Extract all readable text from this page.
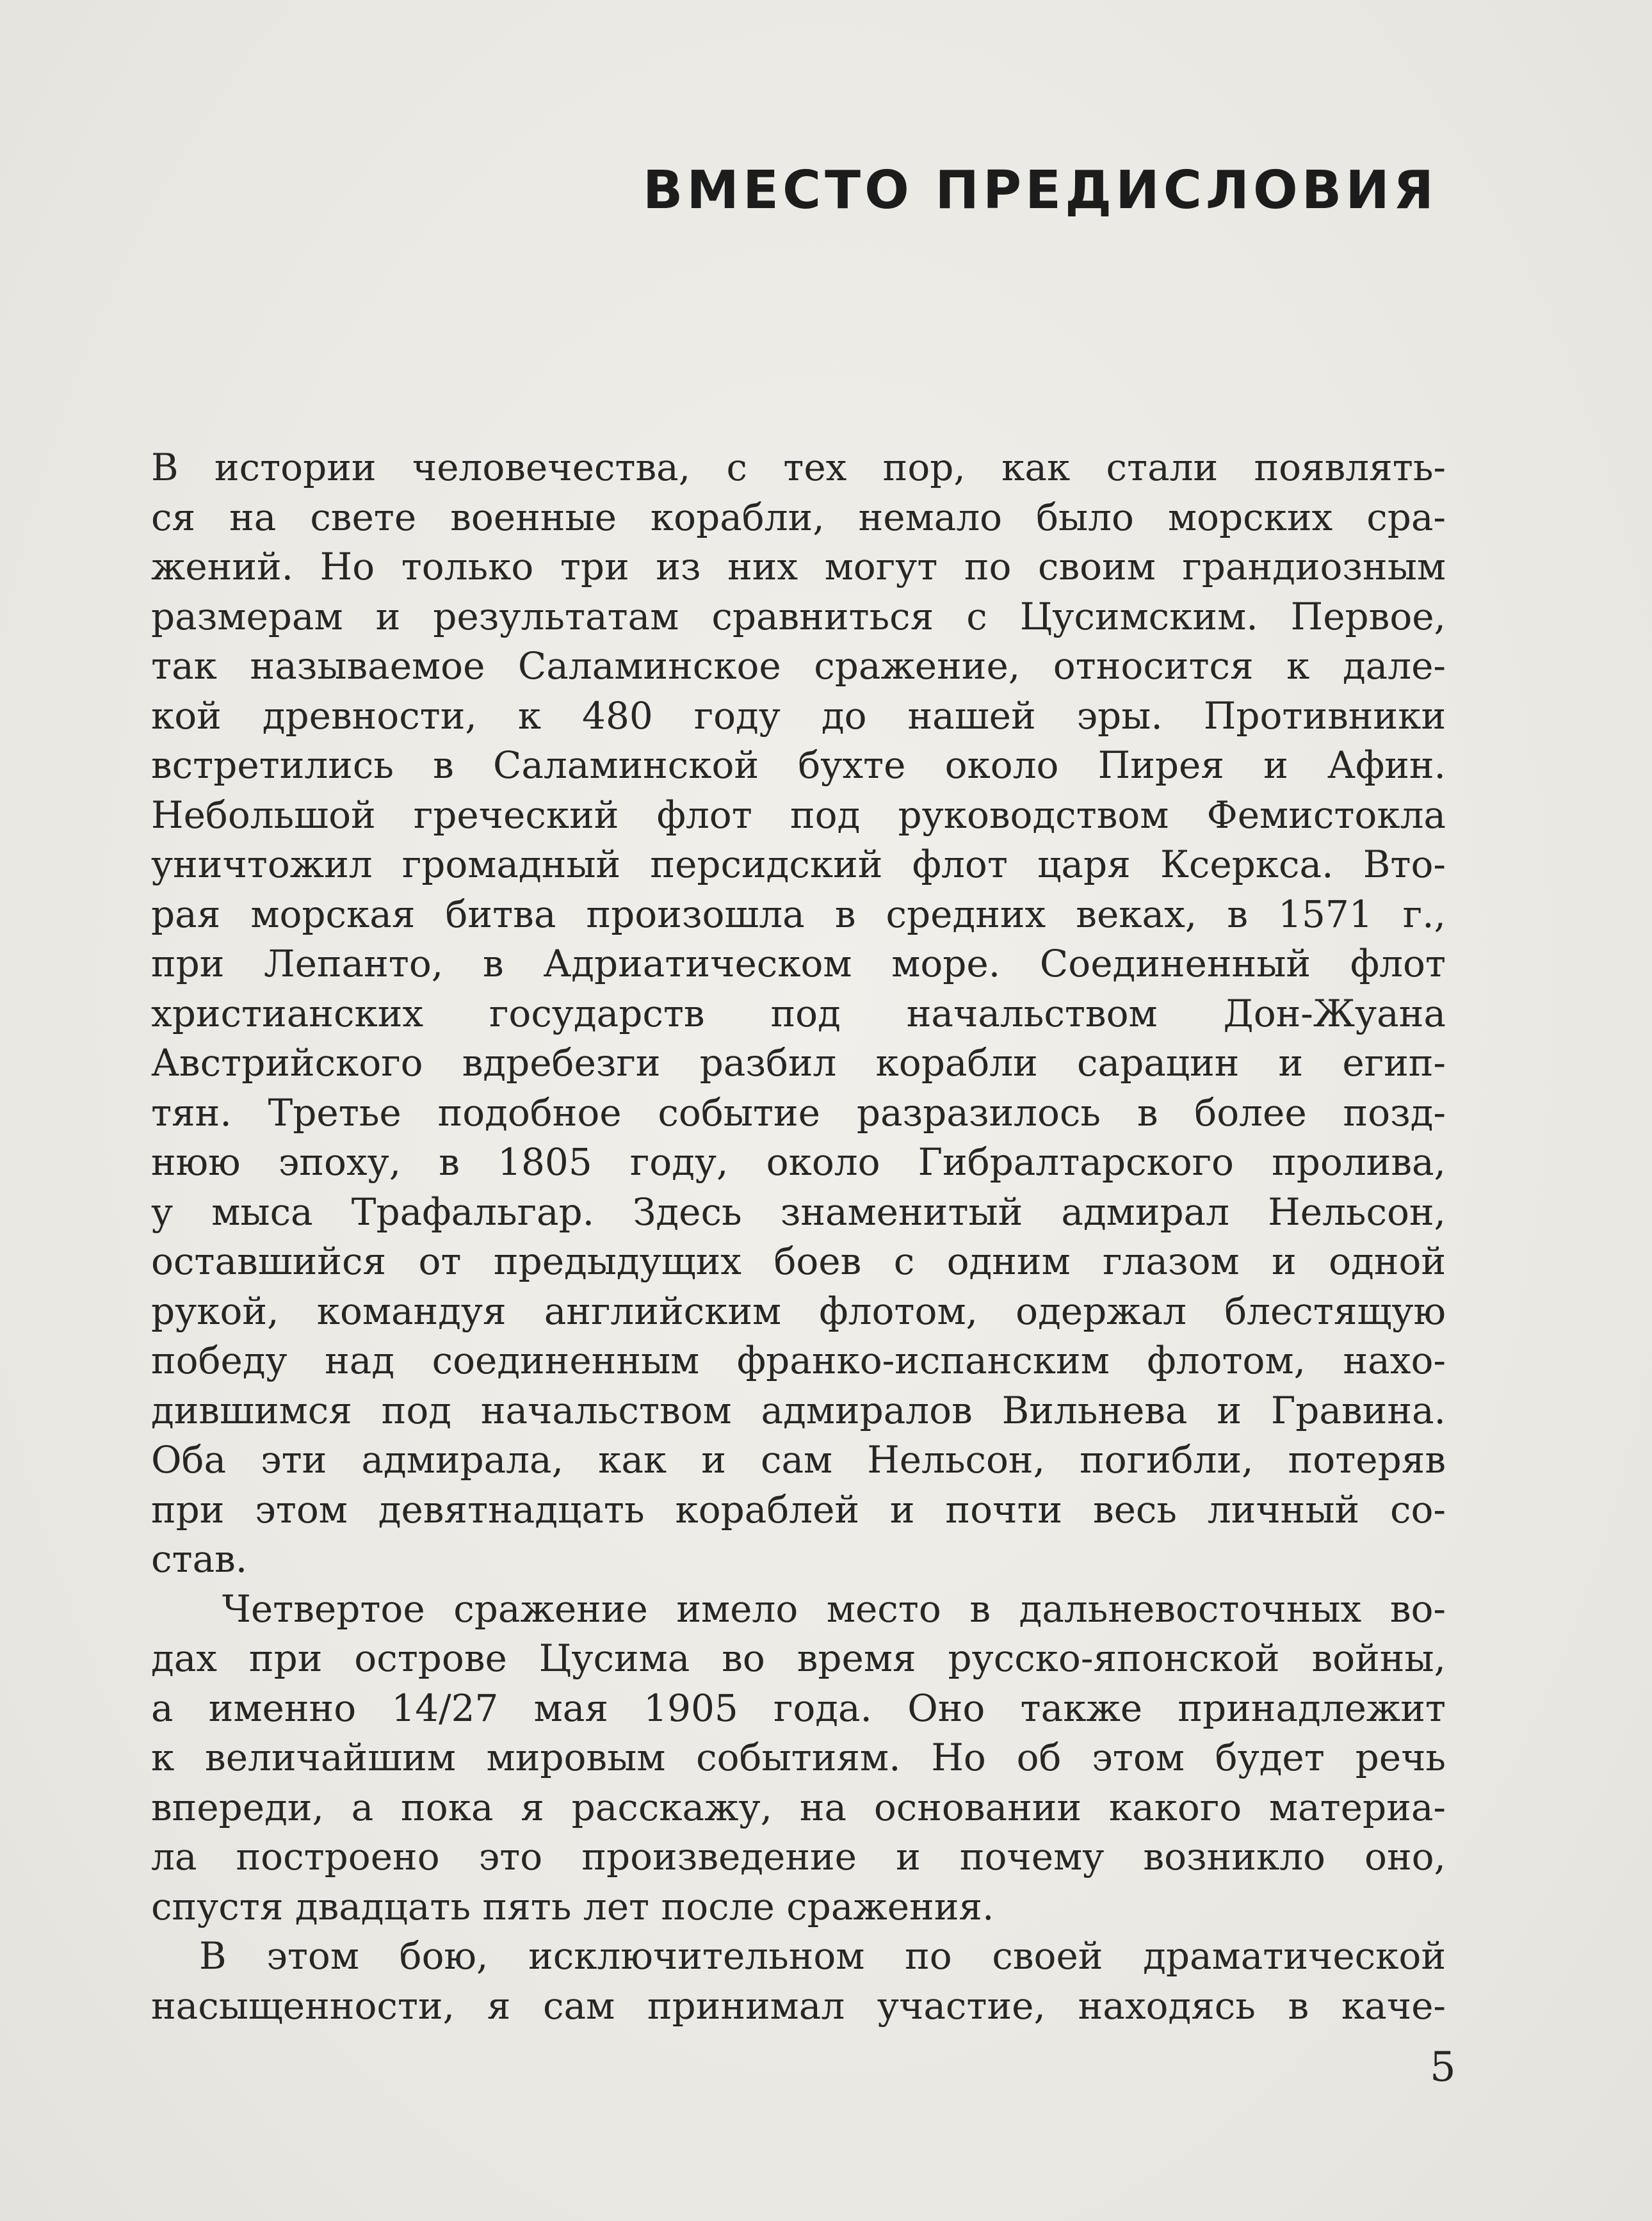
ВМЕСТО ПРЕДИСЛОВИЯ
В истории человечества, с тех пор, как стали появлять-
ся на свете военные корабли, немало было морских сра-
жений. Но только три из них могут по своим грандиозным
размерам и результатам сравниться с Цусимским. Первое,
так называемое Саламинское сражение, относится к дале-
кой древности, к 480 году до нашей эры. Противники
встретились в Саламинской бухте около Пирея и Афин.
Небольшой греческий флот под руководством Фемистокла
уничтожил громадный персидский флот царя Ксеркса. Вто-
рая морская битва произошла в средних веках, в 1571 г.,
при Лепанто, в Адриатическом море. Соединенный флот
христианских государств под начальством Дон-Жуана
Австрийского вдребезги разбил корабли сарацин и егип-
тян. Третье подобное событие разразилось в более позд-
нюю эпоху, в 1805 году, около Гибралтарского пролива,
у мыса Трафальгар. Здесь знаменитый адмирал Нельсон,
оставшийся от предыдущих боев с одним глазом и одной
рукой, командуя английским флотом, одержал блестящую
победу над соединенным франко-испанским флотом, нахо-
дившимся под начальством адмиралов Вильнева и Гравина.
Оба эти адмирала, как и сам Нельсон, погибли, потеряв
при этом девятнадцать кораблей и почти весь личный со-
став.
Четвертое сражение имело место в дальневосточных во-
дах при острове Цусима во время русско-японской войны,
а именно 14/27 мая 1905 года. Оно также принадлежит
к величайшим мировым событиям. Но об этом будет речь
впереди, а пока я расскажу, на основании какого материа-
ла построено это произведение и почему возникло оно,
спустя двадцать пять лет после сражения.
В этом бою, исключительном по своей драматической
насыщенности, я сам принимал участие, находясь в каче-
5
